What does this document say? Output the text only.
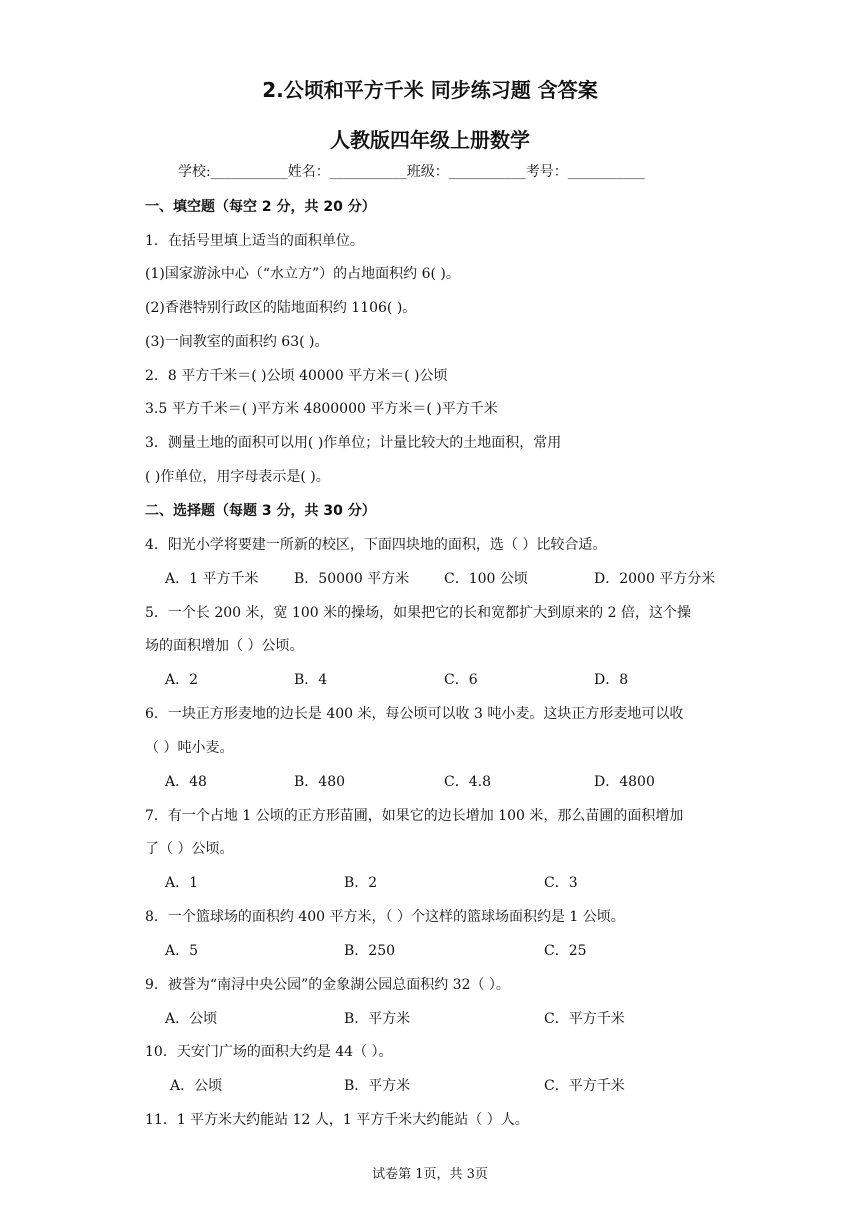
2.公顷和平方千米 同步练习题 含答案
人教版四年级上册数学
学校:___________姓名：___________班级：___________考号：___________
一、填空题（每空 2 分，共 20 分）
1．在括号里填上适当的面积单位。
(1)国家游泳中心（“水立方”）的占地面积约 6( )。
(2)香港特别行政区的陆地面积约 1106( )。
(3)一间教室的面积约 63( )。
2．8 平方千米＝( )公顷 40000 平方米＝( )公顷
3.5 平方千米＝( )平方米 4800000 平方米＝( )平方千米
3．测量土地的面积可以用( )作单位；计量比较大的土地面积，常用
( )作单位，用字母表示是( )。
二、选择题（每题 3 分，共 30 分）
4．阳光小学将要建一所新的校区，下面四块地的面积，选（ ）比较合适。
A．1 平方千米	B．50000 平方米 C．100 公顷	D．2000 平方分米
5．一个长 200 米，宽 100 米的操场，如果把它的长和宽都扩大到原来的 2 倍，这个操
场的面积增加（ ）公顷。
A．2	B．4	C．6	D．8
6．一块正方形麦地的边长是 400 米，每公顷可以收 3 吨小麦。这块正方形麦地可以收
（ ）吨小麦。
A．48	B．480	C．4.8	D．4800
7．有一个占地 1 公顷的正方形苗圃，如果它的边长增加 100 米，那么苗圃的面积增加
了（ ）公顷。
A．1	B．2	C．3
8．一个篮球场的面积约 400 平方米，（ ）个这样的篮球场面积约是 1 公顷。
A．5	B．250	C．25
9．被誉为“南浔中央公园”的金象湖公园总面积约 32（ ）。
A．公顷	B．平方米	C．平方千米
10．天安门广场的面积大约是 44（ ）。
A．公顷	B．平方米	C．平方千米
11．1 平方米大约能站 12 人，1 平方千米大约能站（ ）人。
试卷第 1页，共 3页
